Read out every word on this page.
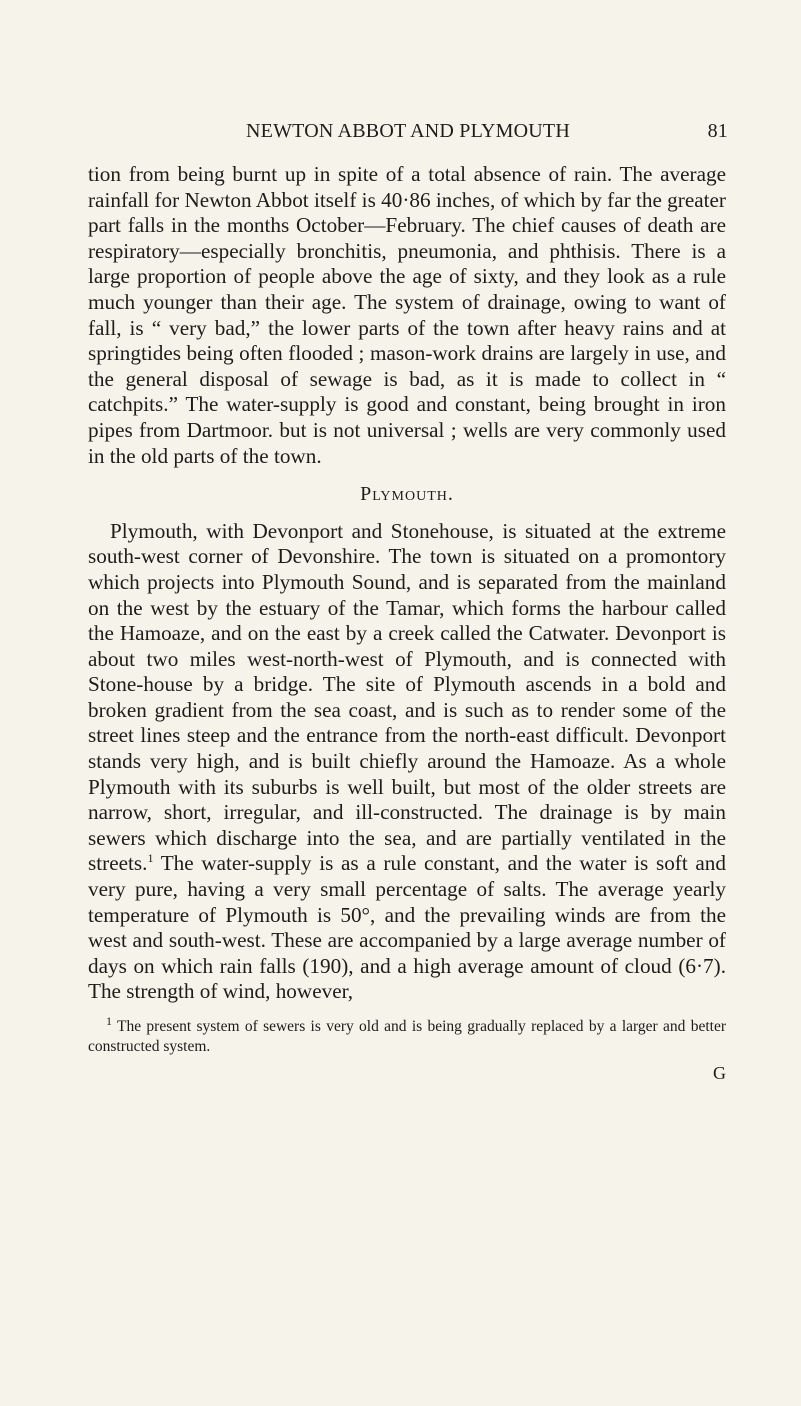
NEWTON ABBOT AND PLYMOUTH	81

tion from being burnt up in spite of a total absence of rain. The average rainfall for Newton Abbot itself is 40·86 inches, of which by far the greater part falls in the months October—February. The chief causes of death are respiratory—especially bronchitis, pneumonia, and phthisis. There is a large proportion of people above the age of sixty, and they look as a rule much younger than their age. The system of drainage, owing to want of fall, is “ very bad,” the lower parts of the town after heavy rains and at springtides being often flooded ; mason-work drains are largely in use, and the general disposal of sewage is bad, as it is made to collect in “ catchpits.” The water-supply is good and constant, being brought in iron pipes from Dartmoor. but is not universal ; wells are very commonly used in the old parts of the town.

Plymouth.

Plymouth, with Devonport and Stonehouse, is situated at the extreme south-west corner of Devonshire. The town is situated on a promontory which projects into Plymouth Sound, and is separated from the mainland on the west by the estuary of the Tamar, which forms the harbour called the Hamoaze, and on the east by a creek called the Catwater. Devonport is about two miles west-north-west of Plymouth, and is connected with Stone-house by a bridge. The site of Plymouth ascends in a bold and broken gradient from the sea coast, and is such as to render some of the street lines steep and the entrance from the north-east difficult. Devonport stands very high, and is built chiefly around the Hamoaze. As a whole Plymouth with its suburbs is well built, but most of the older streets are narrow, short, irregular, and ill-constructed. The drainage is by main sewers which discharge into the sea, and are partially ventilated in the streets.$^1$ The water-supply is as a rule constant, and the water is soft and very pure, having a very small percentage of salts. The average yearly temperature of Plymouth is 50°, and the prevailing winds are from the west and south-west. These are accompanied by a large average number of days on which rain falls (190), and a high average amount of cloud (6·7). The strength of wind, however,

$^1$ The present system of sewers is very old and is being gradually replaced by a larger and better constructed system.

G
